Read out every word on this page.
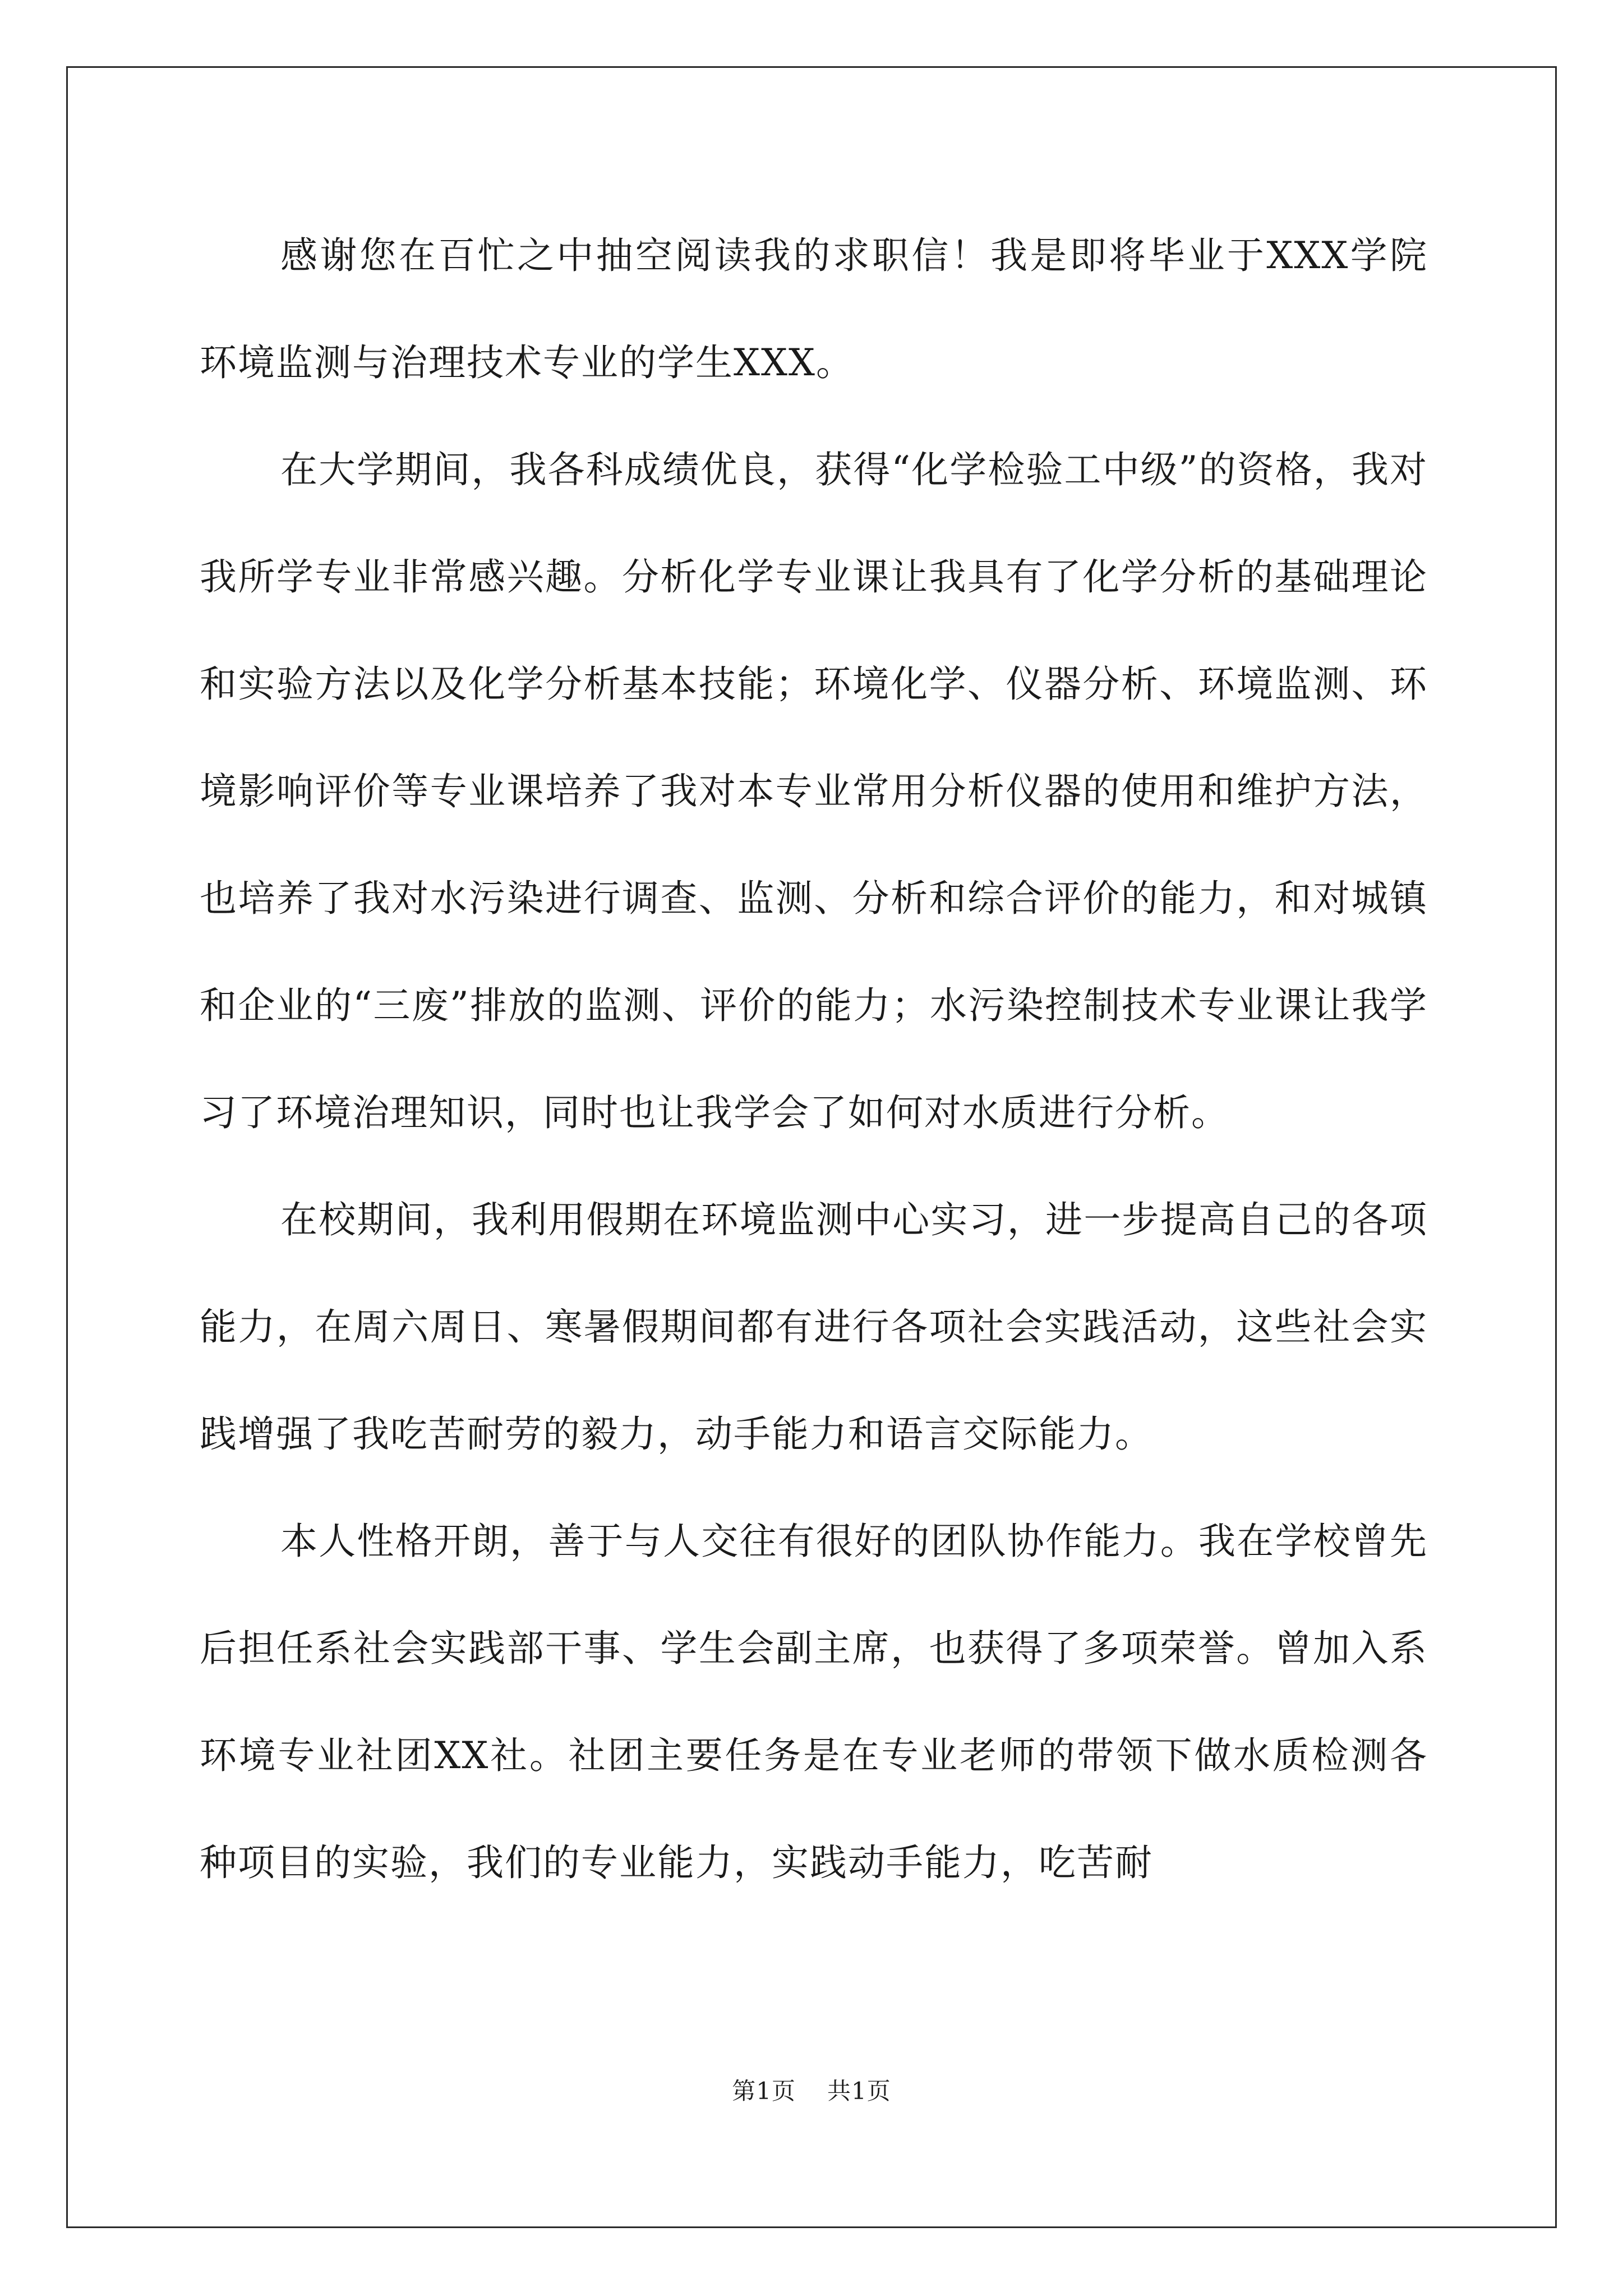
感谢您在百忙之中抽空阅读我的求职信！我是即将毕业于XXX学院环境监测与治理技术专业的学生XXX。

在大学期间，我各科成绩优良，获得“化学检验工中级”的资格，我对我所学专业非常感兴趣。分析化学专业课让我具有了化学分析的基础理论和实验方法以及化学分析基本技能；环境化学、仪器分析、环境监测、环境影响评价等专业课培养了我对本专业常用分析仪器的使用和维护方法，也培养了我对水污染进行调查、监测、分析和综合评价的能力，和对城镇和企业的“三废”排放的监测、评价的能力；水污染控制技术专业课让我学习了环境治理知识，同时也让我学会了如何对水质进行分析。

在校期间，我利用假期在环境监测中心实习，进一步提高自己的各项能力，在周六周日、寒暑假期间都有进行各项社会实践活动，这些社会实践增强了我吃苦耐劳的毅力，动手能力和语言交际能力。

本人性格开朗，善于与人交往有很好的团队协作能力。我在学校曾先后担任系社会实践部干事、学生会副主席，也获得了多项荣誉。曾加入系环境专业社团XX社。社团主要任务是在专业老师的带领下做水质检测各种项目的实验，我们的专业能力，实践动手能力，吃苦耐

第1页 共1页
